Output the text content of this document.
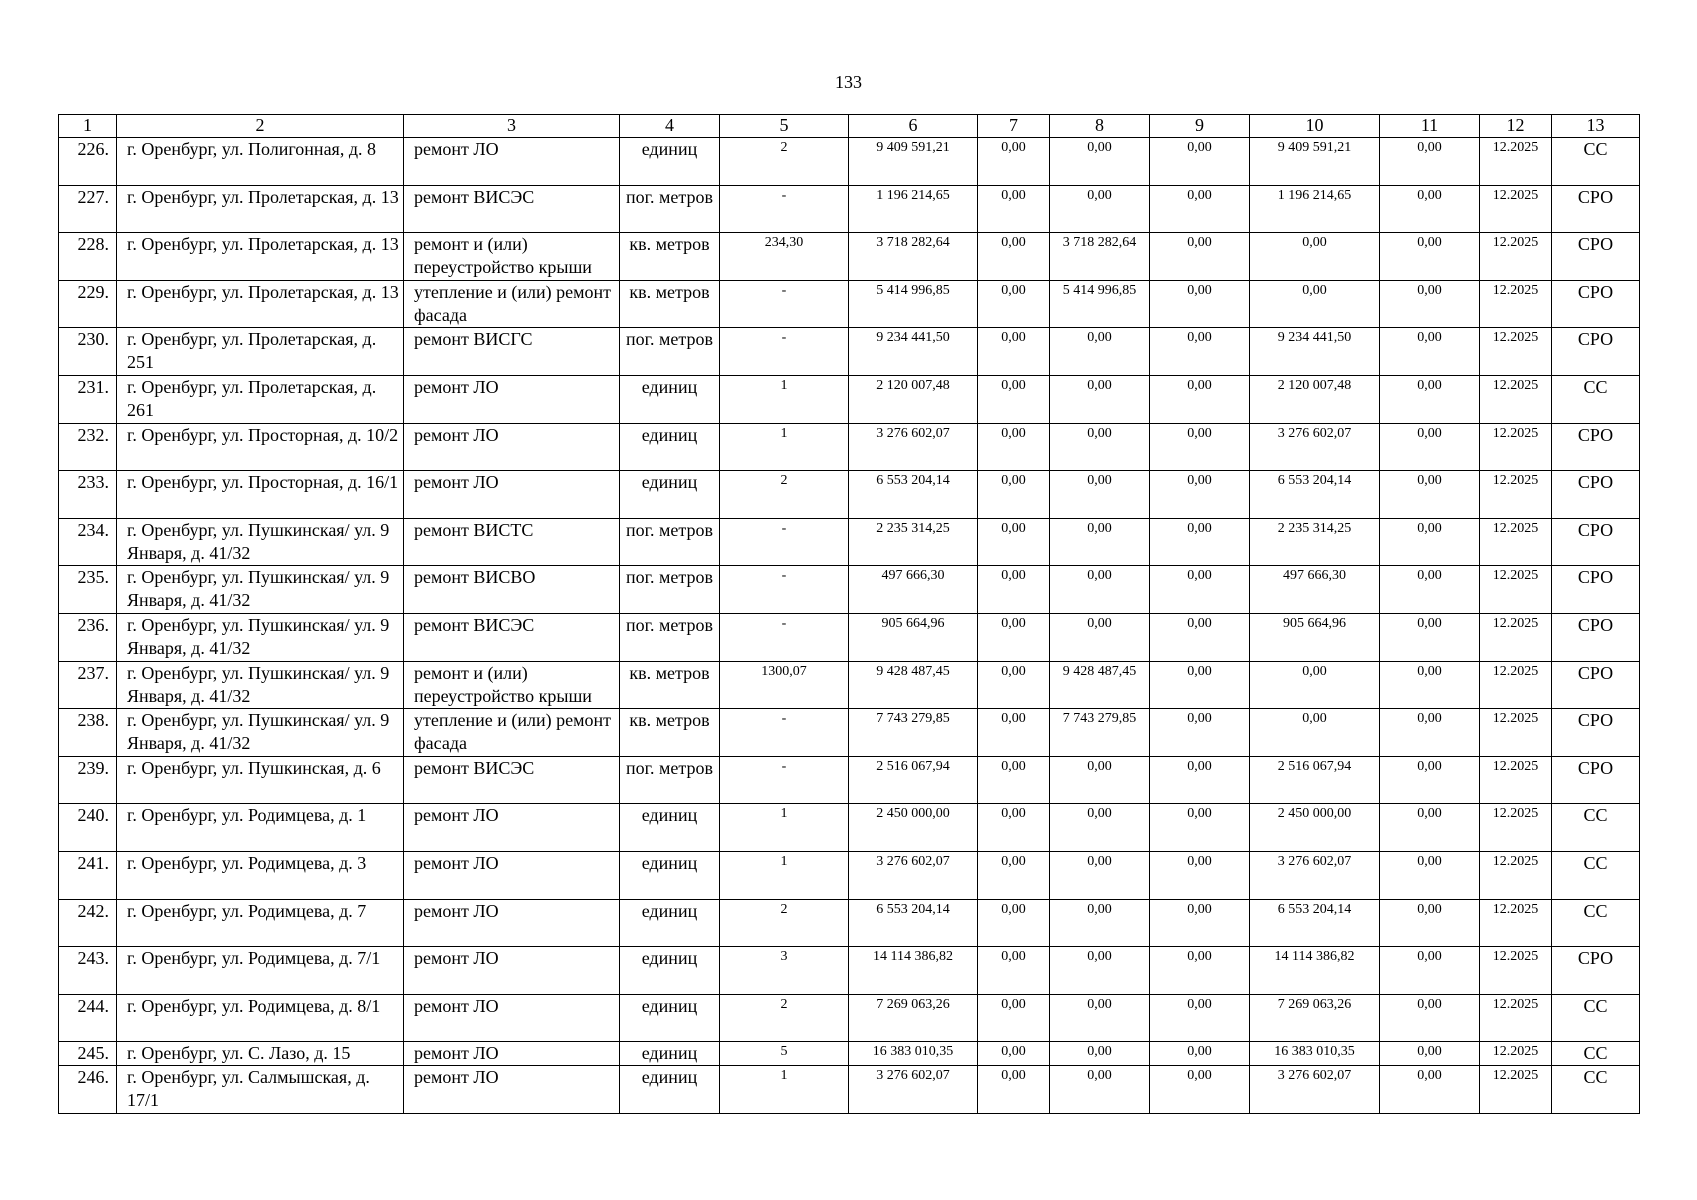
133
1	2	3	4	5	6	7	8	9	10	11	12	13
226.	г. Оренбург, ул. Полигонная, д. 8	ремонт ЛО	единиц	2	9 409 591,21	0,00	0,00	0,00	9 409 591,21	0,00	12.2025	СС
227.	г. Оренбург, ул. Пролетарская, д. 13	ремонт ВИСЭС	пог. метров	-	1 196 214,65	0,00	0,00	0,00	1 196 214,65	0,00	12.2025	СРО
228.	г. Оренбург, ул. Пролетарская, д. 13	ремонт и (или) переустройство крыши	кв. метров	234,30	3 718 282,64	0,00	3 718 282,64	0,00	0,00	0,00	12.2025	СРО
229.	г. Оренбург, ул. Пролетарская, д. 13	утепление и (или) ремонт фасада	кв. метров	-	5 414 996,85	0,00	5 414 996,85	0,00	0,00	0,00	12.2025	СРО
230.	г. Оренбург, ул. Пролетарская, д. 251	ремонт ВИСГС	пог. метров	-	9 234 441,50	0,00	0,00	0,00	9 234 441,50	0,00	12.2025	СРО
231.	г. Оренбург, ул. Пролетарская, д. 261	ремонт ЛО	единиц	1	2 120 007,48	0,00	0,00	0,00	2 120 007,48	0,00	12.2025	СС
232.	г. Оренбург, ул. Просторная, д. 10/2	ремонт ЛО	единиц	1	3 276 602,07	0,00	0,00	0,00	3 276 602,07	0,00	12.2025	СРО
233.	г. Оренбург, ул. Просторная, д. 16/1	ремонт ЛО	единиц	2	6 553 204,14	0,00	0,00	0,00	6 553 204,14	0,00	12.2025	СРО
234.	г. Оренбург, ул. Пушкинская/ ул. 9 Января, д. 41/32	ремонт ВИСТС	пог. метров	-	2 235 314,25	0,00	0,00	0,00	2 235 314,25	0,00	12.2025	СРО
235.	г. Оренбург, ул. Пушкинская/ ул. 9 Января, д. 41/32	ремонт ВИСВО	пог. метров	-	497 666,30	0,00	0,00	0,00	497 666,30	0,00	12.2025	СРО
236.	г. Оренбург, ул. Пушкинская/ ул. 9 Января, д. 41/32	ремонт ВИСЭС	пог. метров	-	905 664,96	0,00	0,00	0,00	905 664,96	0,00	12.2025	СРО
237.	г. Оренбург, ул. Пушкинская/ ул. 9 Января, д. 41/32	ремонт и (или) переустройство крыши	кв. метров	1300,07	9 428 487,45	0,00	9 428 487,45	0,00	0,00	0,00	12.2025	СРО
238.	г. Оренбург, ул. Пушкинская/ ул. 9 Января, д. 41/32	утепление и (или) ремонт фасада	кв. метров	-	7 743 279,85	0,00	7 743 279,85	0,00	0,00	0,00	12.2025	СРО
239.	г. Оренбург, ул. Пушкинская, д. 6	ремонт ВИСЭС	пог. метров	-	2 516 067,94	0,00	0,00	0,00	2 516 067,94	0,00	12.2025	СРО
240.	г. Оренбург, ул. Родимцева, д. 1	ремонт ЛО	единиц	1	2 450 000,00	0,00	0,00	0,00	2 450 000,00	0,00	12.2025	СС
241.	г. Оренбург, ул. Родимцева, д. 3	ремонт ЛО	единиц	1	3 276 602,07	0,00	0,00	0,00	3 276 602,07	0,00	12.2025	СС
242.	г. Оренбург, ул. Родимцева, д. 7	ремонт ЛО	единиц	2	6 553 204,14	0,00	0,00	0,00	6 553 204,14	0,00	12.2025	СС
243.	г. Оренбург, ул. Родимцева, д. 7/1	ремонт ЛО	единиц	3	14 114 386,82	0,00	0,00	0,00	14 114 386,82	0,00	12.2025	СРО
244.	г. Оренбург, ул. Родимцева, д. 8/1	ремонт ЛО	единиц	2	7 269 063,26	0,00	0,00	0,00	7 269 063,26	0,00	12.2025	СС
245.	г. Оренбург, ул. С. Лазо, д. 15	ремонт ЛО	единиц	5	16 383 010,35	0,00	0,00	0,00	16 383 010,35	0,00	12.2025	СС
246.	г. Оренбург, ул. Салмышская, д. 17/1	ремонт ЛО	единиц	1	3 276 602,07	0,00	0,00	0,00	3 276 602,07	0,00	12.2025	СС
